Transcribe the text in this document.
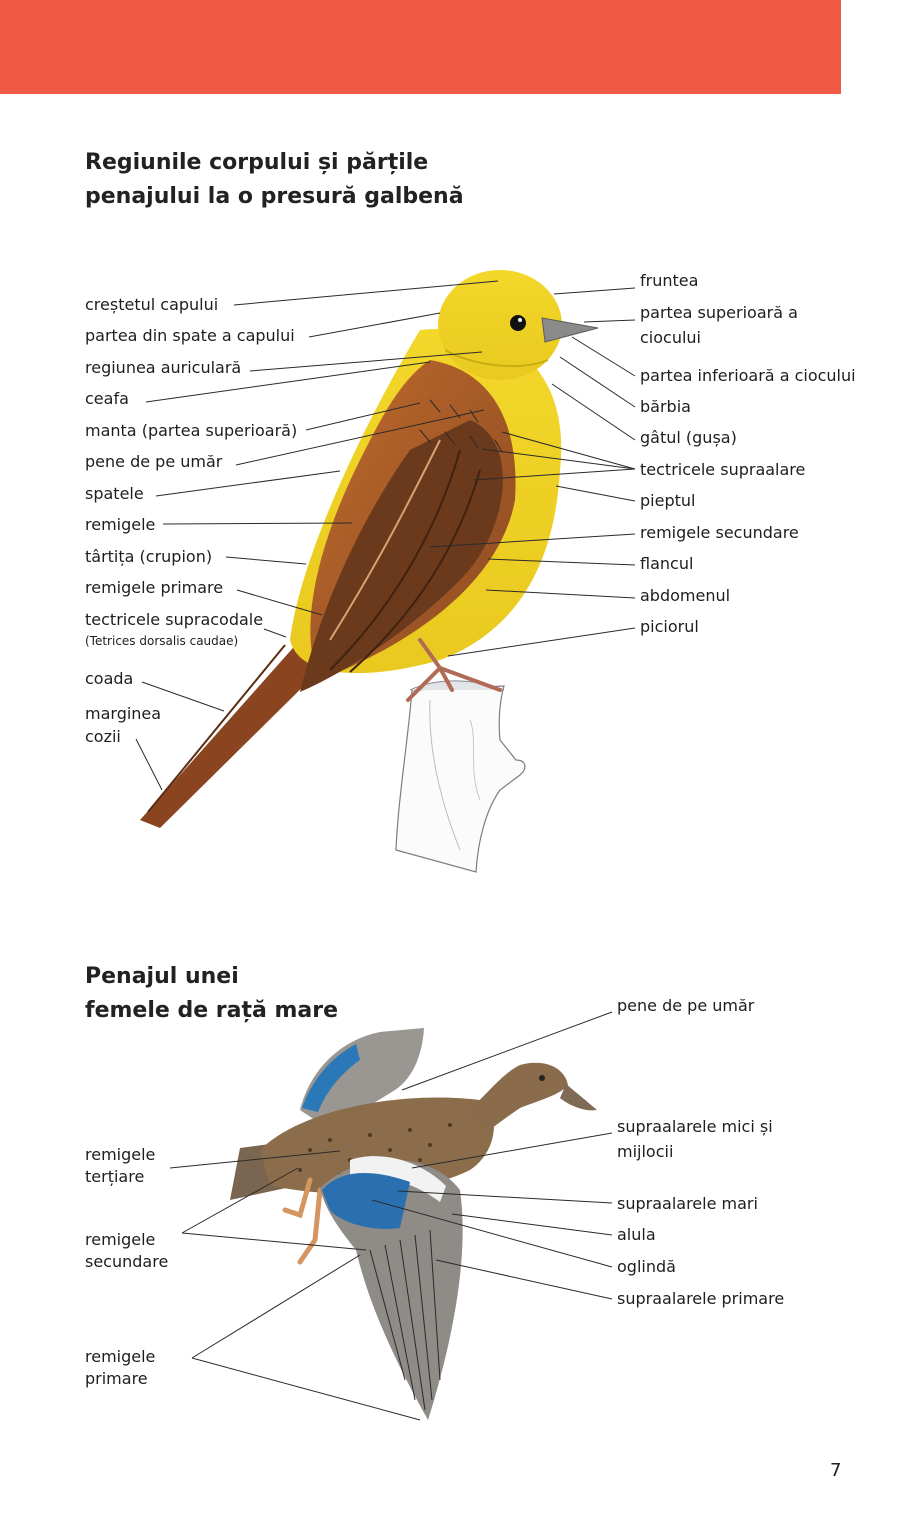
Regiunile corpului și părțile
penajului la o presură galbenă
creștetul capului
partea din spate a capului
regiunea auriculară
ceafa
manta (partea superioară)
pene de pe umăr
spatele
remigele
târtița (crupion)
remigele primare
tectricele supracodale
(Tetrices dorsalis caudae)
coada
marginea
cozii
fruntea
partea superioară a
ciocului
partea inferioară a ciocului
bărbia
gâtul (gușa)
tectricele supraalare
pieptul
remigele secundare
flancul
abdomenul
piciorul
Penajul unei
femele de rață mare
remigele
terțiare
remigele
secundare
remigele
primare
pene de pe umăr
supraalarele mici și
mijlocii
supraalarele mari
alula
oglindă
supraalarele primare
7
